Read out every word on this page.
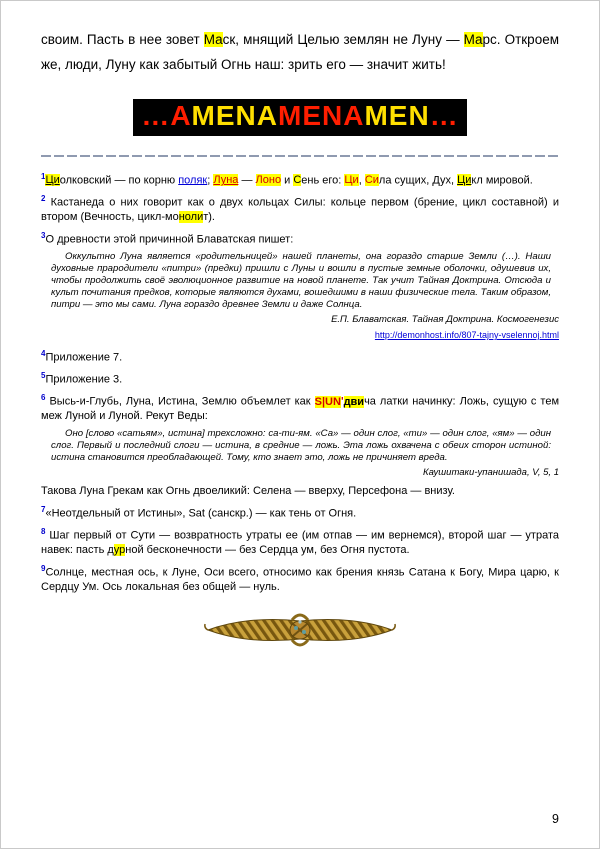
своим. Пасть в нее зовет Маск, мнящий Целью землян не Луну — Марс. Откроем же, люди, Луну как забытый Огнь наш: зрить его — значит жить!

…AMENAMENAMEN…

$^1$Циолковский — по корню поляк; Луна — Лоно и Сень его: Ци, Сила сущих, Дух, Цикл мировой.

$^2$ Кастанеда о них говорит как о двух кольцах Силы: кольце первом (брение, цикл составной) и втором (Вечность, цикл-монолит).

$^3$О древности этой причинной Блаватская пишет:

Оккультно Луна является «родительницей» нашей планеты, она гораздо старше Земли (…). Наши духовные прародители «питри» (предки) пришли с Луны и вошли в пустые земные оболочки, одушевив их, чтобы продолжить своё эволюционное развитие на новой планете. Так учит Тайная Доктрина. Отсюда и культ почитания предков, которые являются духами, вошедшими в наши физические тела. Таким образом, питри — это мы сами. Луна гораздо древнее Земли и даже Солнца.

Е.П. Блаватская. Тайная Доктрина. Космогенезис

http://demonhost.info/807-tajny-vselennoj.html

$^4$Приложение 7.

$^5$Приложение 3.

$^6$ Высь-и-Глубь, Луна, Истина, Землю объемлет как S|UN'двича латки начинку: Ложь, сущую с тем меж Луной и Луной. Рекут Веды:

Оно [слово «сатьям», истина] трехсложно: са-ти-ям. «Са» — один слог, «ти» — один слог, «ям» — один слог. Первый и последний слоги — истина, в средние — ложь. Эта ложь охвачена с обеих сторон истиной: истина становится преобладающей. Тому, кто знает это, ложь не причиняет вреда.

Каушитаки-упанишада, V, 5, 1

Такова Луна Грекам как Огнь двоеликий: Селена — вверху, Персефона — внизу.

$^7$«Неотдельный от Истины», Sat (санскр.) — как тень от Огня.

$^8$ Шаг первый от Сути — возвратность утраты ее (им отпав — им вернемся), второй шаг — утрата навек: пасть дурной бесконечности — без Сердца ум, без Огня пустота.

$^9$Солнце, местная ось, к Луне, Оси всего, относимо как брения князь Сатана к Богу, Мира царю, к Сердцу Ум. Ось локальная без общей — нуль.

9
